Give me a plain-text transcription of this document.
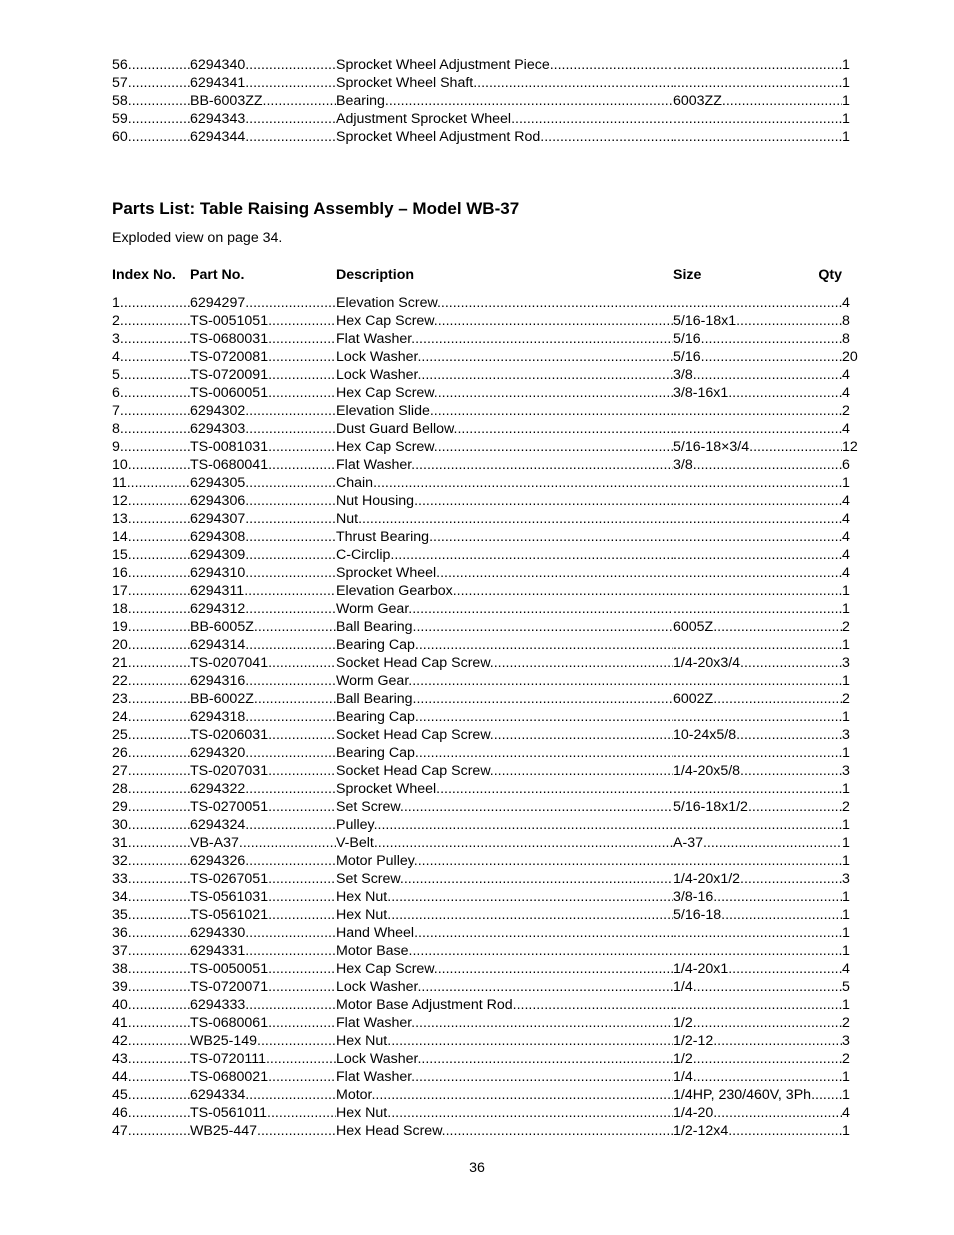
56 .....	6294340 .....	Sprocket Wheel Adjustment Piece ..... .....	1
57 .....	6294341 .....	Sprocket Wheel Shaft ..... .....	1
58 .....	BB-6003ZZ .....	Bearing .....	6003ZZ .....	1
59 .....	6294343 .....	Adjustment Sprocket Wheel ..... .....	1
60 .....	6294344 .....	Sprocket Wheel Adjustment Rod ..... .....	1
Parts List: Table Raising Assembly – Model WB-37
Exploded view on page 34.
Index No. Part No.	Description	Size	Qty
1 .....	6294297 .....	Elevation Screw ..... .....	4
2 .....	TS-0051051 .....	Hex Cap Screw .....	5/16-18x1 .....	8
3 .....	TS-0680031 .....	Flat Washer .....	5/16 .....	8
4 .....	TS-0720081 .....	Lock Washer .....	5/16 .....	20
5 .....	TS-0720091 .....	Lock Washer .....	3/8 .....	4
6 .....	TS-0060051 .....	Hex Cap Screw .....	3/8-16x1 .....	4
7 .....	6294302 .....	Elevation Slide ..... .....	2
8 .....	6294303 .....	Dust Guard Bellow ..... .....	4
9 .....	TS-0081031 .....	Hex Cap Screw .....	5/16-18×3/4 .....	12
10 .....	TS-0680041 .....	Flat Washer .....	3/8 .....	6
11 .....	6294305 .....	Chain ..... .....	1
12 .....	6294306 .....	Nut Housing ..... .....	4
13 .....	6294307 .....	Nut ..... .....	4
14 .....	6294308 .....	Thrust Bearing ..... .....	4
15 .....	6294309 .....	C-Circlip ..... .....	4
16 .....	6294310 .....	Sprocket Wheel ..... .....	4
17 .....	6294311 .....	Elevation Gearbox ..... .....	1
18 .....	6294312 .....	Worm Gear ..... .....	1
19 .....	BB-6005Z .....	Ball Bearing .....	6005Z .....	2
20 .....	6294314 .....	Bearing Cap ..... .....	1
21 .....	TS-0207041 .....	Socket Head Cap Screw .....	1/4-20x3/4 .....	3
22 .....	6294316 .....	Worm Gear ..... .....	1
23 .....	BB-6002Z .....	Ball Bearing .....	6002Z .....	2
24 .....	6294318 .....	Bearing Cap ..... .....	1
25 .....	TS-0206031 .....	Socket Head Cap Screw .....	10-24x5/8 .....	3
26 .....	6294320 .....	Bearing Cap ..... .....	1
27 .....	TS-0207031 .....	Socket Head Cap Screw .....	1/4-20x5/8 .....	3
28 .....	6294322 .....	Sprocket Wheel ..... .....	1
29 .....	TS-0270051 .....	Set Screw .....	5/16-18x1/2 .....	2
30 .....	6294324 .....	Pulley ..... .....	1
31 .....	VB-A37 .....	V-Belt .....	A-37 .....	1
32 .....	6294326 .....	Motor Pulley ..... .....	1
33 .....	TS-0267051 .....	Set Screw .....	1/4-20x1/2 .....	3
34 .....	TS-0561031 .....	Hex Nut .....	3/8-16 .....	1
35 .....	TS-0561021 .....	Hex Nut .....	5/16-18 .....	1
36 .....	6294330 .....	Hand Wheel ..... .....	1
37 .....	6294331 .....	Motor Base ..... .....	1
38 .....	TS-0050051 .....	Hex Cap Screw .....	1/4-20x1 .....	4
39 .....	TS-0720071 .....	Lock Washer .....	1/4 .....	5
40 .....	6294333 .....	Motor Base Adjustment Rod ..... .....	1
41 .....	TS-0680061 .....	Flat Washer .....	1/2 .....	2
42 .....	WB25-149 .....	Hex Nut .....	1/2-12 .....	3
43 .....	TS-0720111 .....	Lock Washer .....	1/2 .....	2
44 .....	TS-0680021 .....	Flat Washer .....	1/4 .....	1
45 .....	6294334 .....	Motor .....	1/4HP, 230/460V, 3Ph .....	1
46 .....	TS-0561011 .....	Hex Nut .....	1/4-20 .....	4
47 .....	WB25-447 .....	Hex Head Screw .....	1/2-12x4 .....	1
36
